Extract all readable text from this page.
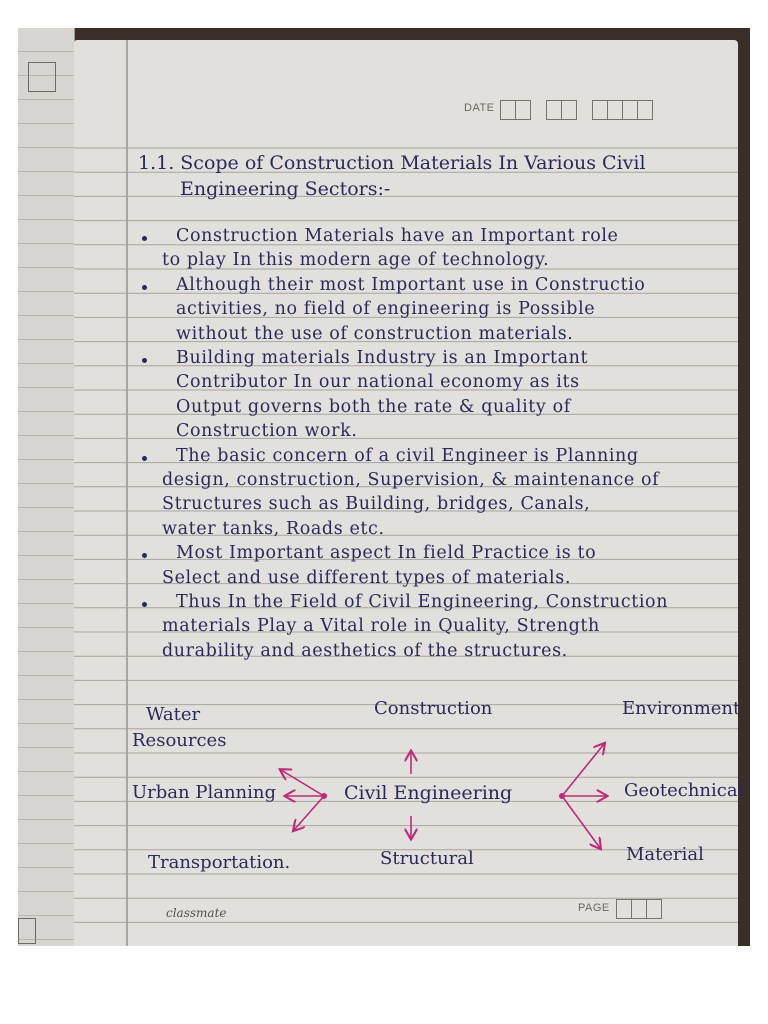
DATE
1.1. Scope of Construction Materials In Various Civil
Engineering Sectors:-
Construction Materials have an Important role
to play In this modern age of technology.
Although their most Important use in Constructio
activities, no field of engineering is Possible
without the use of construction materials.
Building materials Industry is an Important
Contributor In our national economy as its
Output governs both the rate & quality of
Construction work.
The basic concern of a civil Engineer is Planning
design, construction, Supervision, & maintenance of
Structures such as Building, bridges, Canals,
water tanks, Roads etc.
Most Important aspect In field Practice is to
Select and use different types of materials.
Thus In the Field of Civil Engineering, Construction
materials Play a Vital role in Quality, Strength
durability and aesthetics of the structures.
Water
Resources
Urban Planning
Transportation.
Construction
Civil Engineering
Structural
Environment
Geotechnical
Material
PAGE
classmate
